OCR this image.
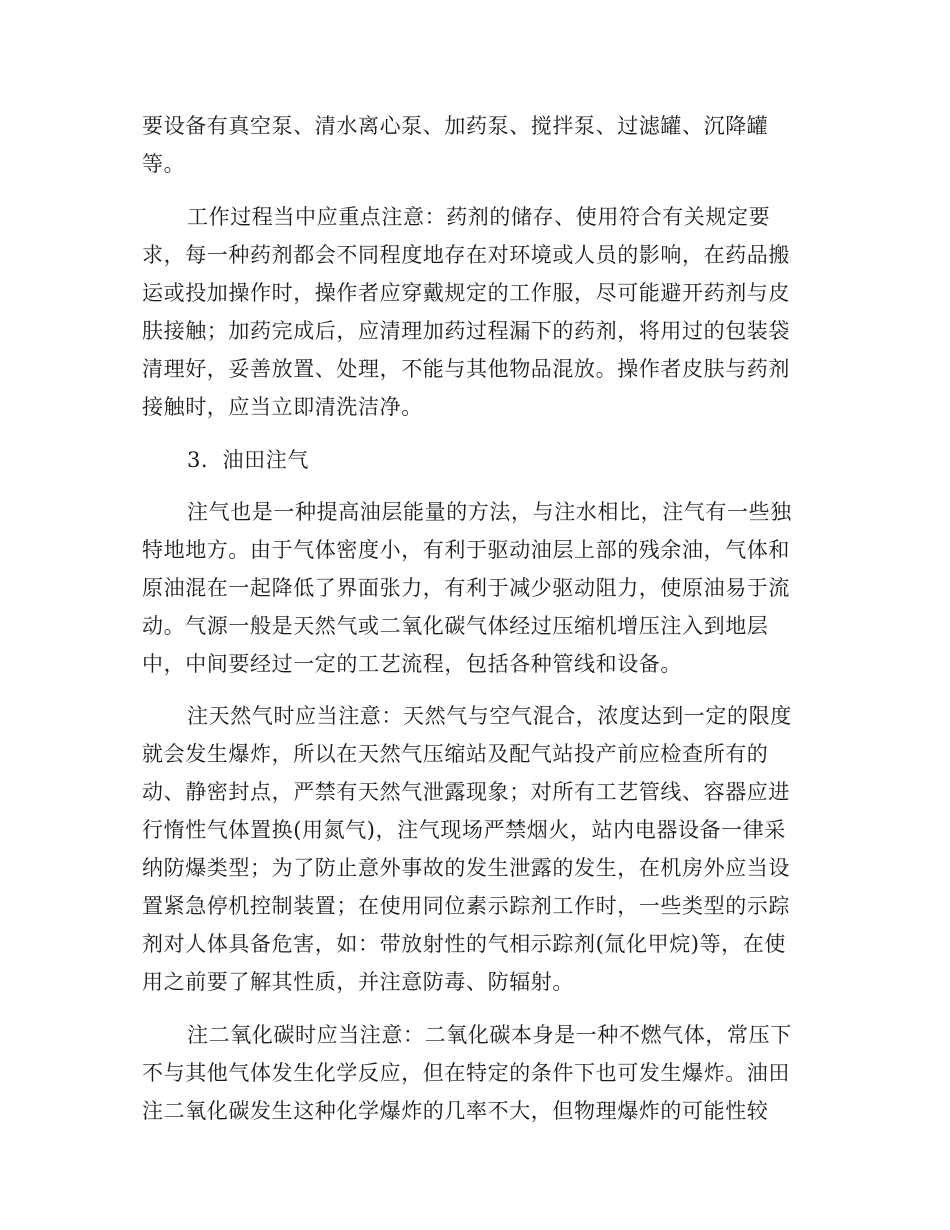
要设备有真空泵、清水离心泵、加药泵、搅拌泵、过滤罐、沉降罐
等。
工作过程当中应重点注意：药剂的储存、使用符合有关规定要
求，每一种药剂都会不同程度地存在对环境或人员的影响，在药品搬
运或投加操作时，操作者应穿戴规定的工作服，尽可能避开药剂与皮
肤接触；加药完成后，应清理加药过程漏下的药剂，将用过的包装袋
清理好，妥善放置、处理，不能与其他物品混放。操作者皮肤与药剂
接触时，应当立即清洗洁净。
3．油田注气
注气也是一种提高油层能量的方法，与注水相比，注气有一些独
特地地方。由于气体密度小，有利于驱动油层上部的残余油，气体和
原油混在一起降低了界面张力，有利于减少驱动阻力，使原油易于流
动。气源一般是天然气或二氧化碳气体经过压缩机增压注入到地层
中，中间要经过一定的工艺流程，包括各种管线和设备。
注天然气时应当注意：天然气与空气混合，浓度达到一定的限度
就会发生爆炸，所以在天然气压缩站及配气站投产前应检查所有的
动、静密封点，严禁有天然气泄露现象；对所有工艺管线、容器应进
行惰性气体置换(用氮气)，注气现场严禁烟火，站内电器设备一律采
纳防爆类型；为了防止意外事故的发生泄露的发生，在机房外应当设
置紧急停机控制装置；在使用同位素示踪剂工作时，一些类型的示踪
剂对人体具备危害，如：带放射性的气相示踪剂(氚化甲烷)等，在使
用之前要了解其性质，并注意防毒、防辐射。
注二氧化碳时应当注意：二氧化碳本身是一种不燃气体，常压下
不与其他气体发生化学反应，但在特定的条件下也可发生爆炸。油田
注二氧化碳发生这种化学爆炸的几率不大，但物理爆炸的可能性较
